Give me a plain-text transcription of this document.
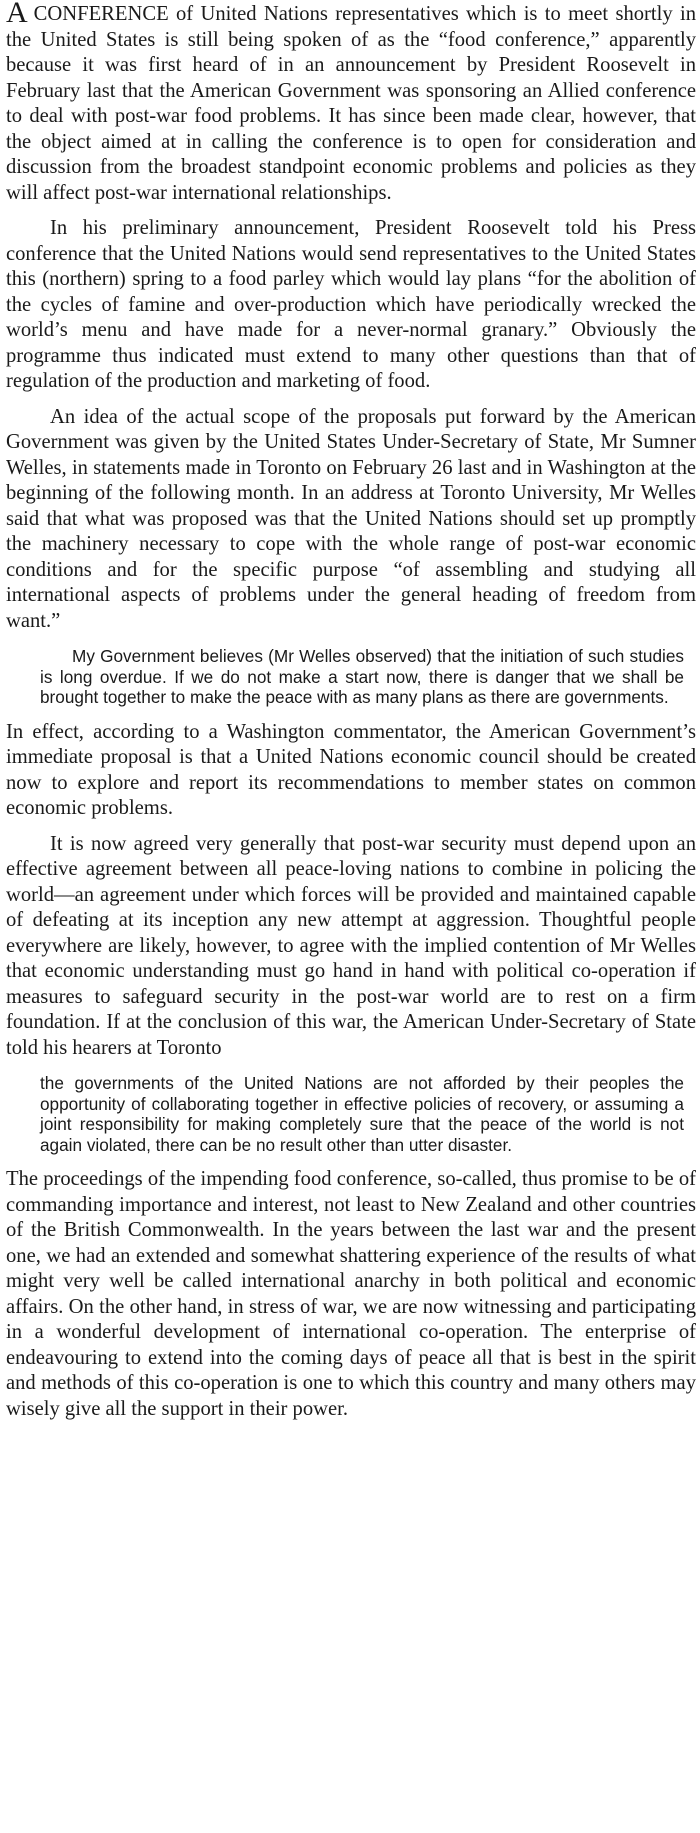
A CONFERENCE of United Nations representatives which is to meet shortly in the United States is still being spoken of as the “food conference,” apparently because it was first heard of in an announcement by President Roosevelt in February last that the American Government was sponsoring an Allied conference to deal with post-war food problems. It has since been made clear, however, that the object aimed at in calling the conference is to open for consideration and discussion from the broadest standpoint economic problems and policies as they will affect post-war international relationships.

In his preliminary announcement, President Roosevelt told his Press conference that the United Nations would send representatives to the United States this (northern) spring to a food parley which would lay plans “for the abolition of the cycles of famine and over-production which have periodically wrecked the world’s menu and have made for a never-normal granary.” Obviously the programme thus indicated must extend to many other questions than that of regulation of the production and marketing of food.

An idea of the actual scope of the proposals put forward by the American Government was given by the United States Under-Secretary of State, Mr Sumner Welles, in statements made in Toronto on February 26 last and in Washington at the beginning of the following month. In an address at Toronto University, Mr Welles said that what was proposed was that the United Nations should set up promptly the machinery necessary to cope with the whole range of post-war economic conditions and for the specific purpose “of assembling and studying all international aspects of problems under the general heading of freedom from want.”

My Government believes (Mr Welles observed) that the initiation of such studies is long overdue. If we do not make a start now, there is danger that we shall be brought together to make the peace with as many plans as there are governments.

In effect, according to a Washington commentator, the American Government’s immediate proposal is that a United Nations economic council should be created now to explore and report its recommendations to member states on common economic problems.

It is now agreed very generally that post-war security must depend upon an effective agreement between all peace-loving nations to combine in policing the world—an agreement under which forces will be provided and maintained capable of defeating at its inception any new attempt at aggression. Thoughtful people everywhere are likely, however, to agree with the implied contention of Mr Welles that economic understanding must go hand in hand with political co-operation if measures to safeguard security in the post-war world are to rest on a firm foundation. If at the conclusion of this war, the American Under-Secretary of State told his hearers at Toronto

the governments of the United Nations are not afforded by their peoples the opportunity of collaborating together in effective policies of recovery, or assuming a joint responsibility for making completely sure that the peace of the world is not again violated, there can be no result other than utter disaster.

The proceedings of the impending food conference, so-called, thus promise to be of commanding importance and interest, not least to New Zealand and other countries of the British Commonwealth. In the years between the last war and the present one, we had an extended and somewhat shattering experience of the results of what might very well be called international anarchy in both political and economic affairs. On the other hand, in stress of war, we are now witnessing and participating in a wonderful development of international co-operation. The enterprise of endeavouring to extend into the coming days of peace all that is best in the spirit and methods of this co-operation is one to which this country and many others may wisely give all the support in their power.
